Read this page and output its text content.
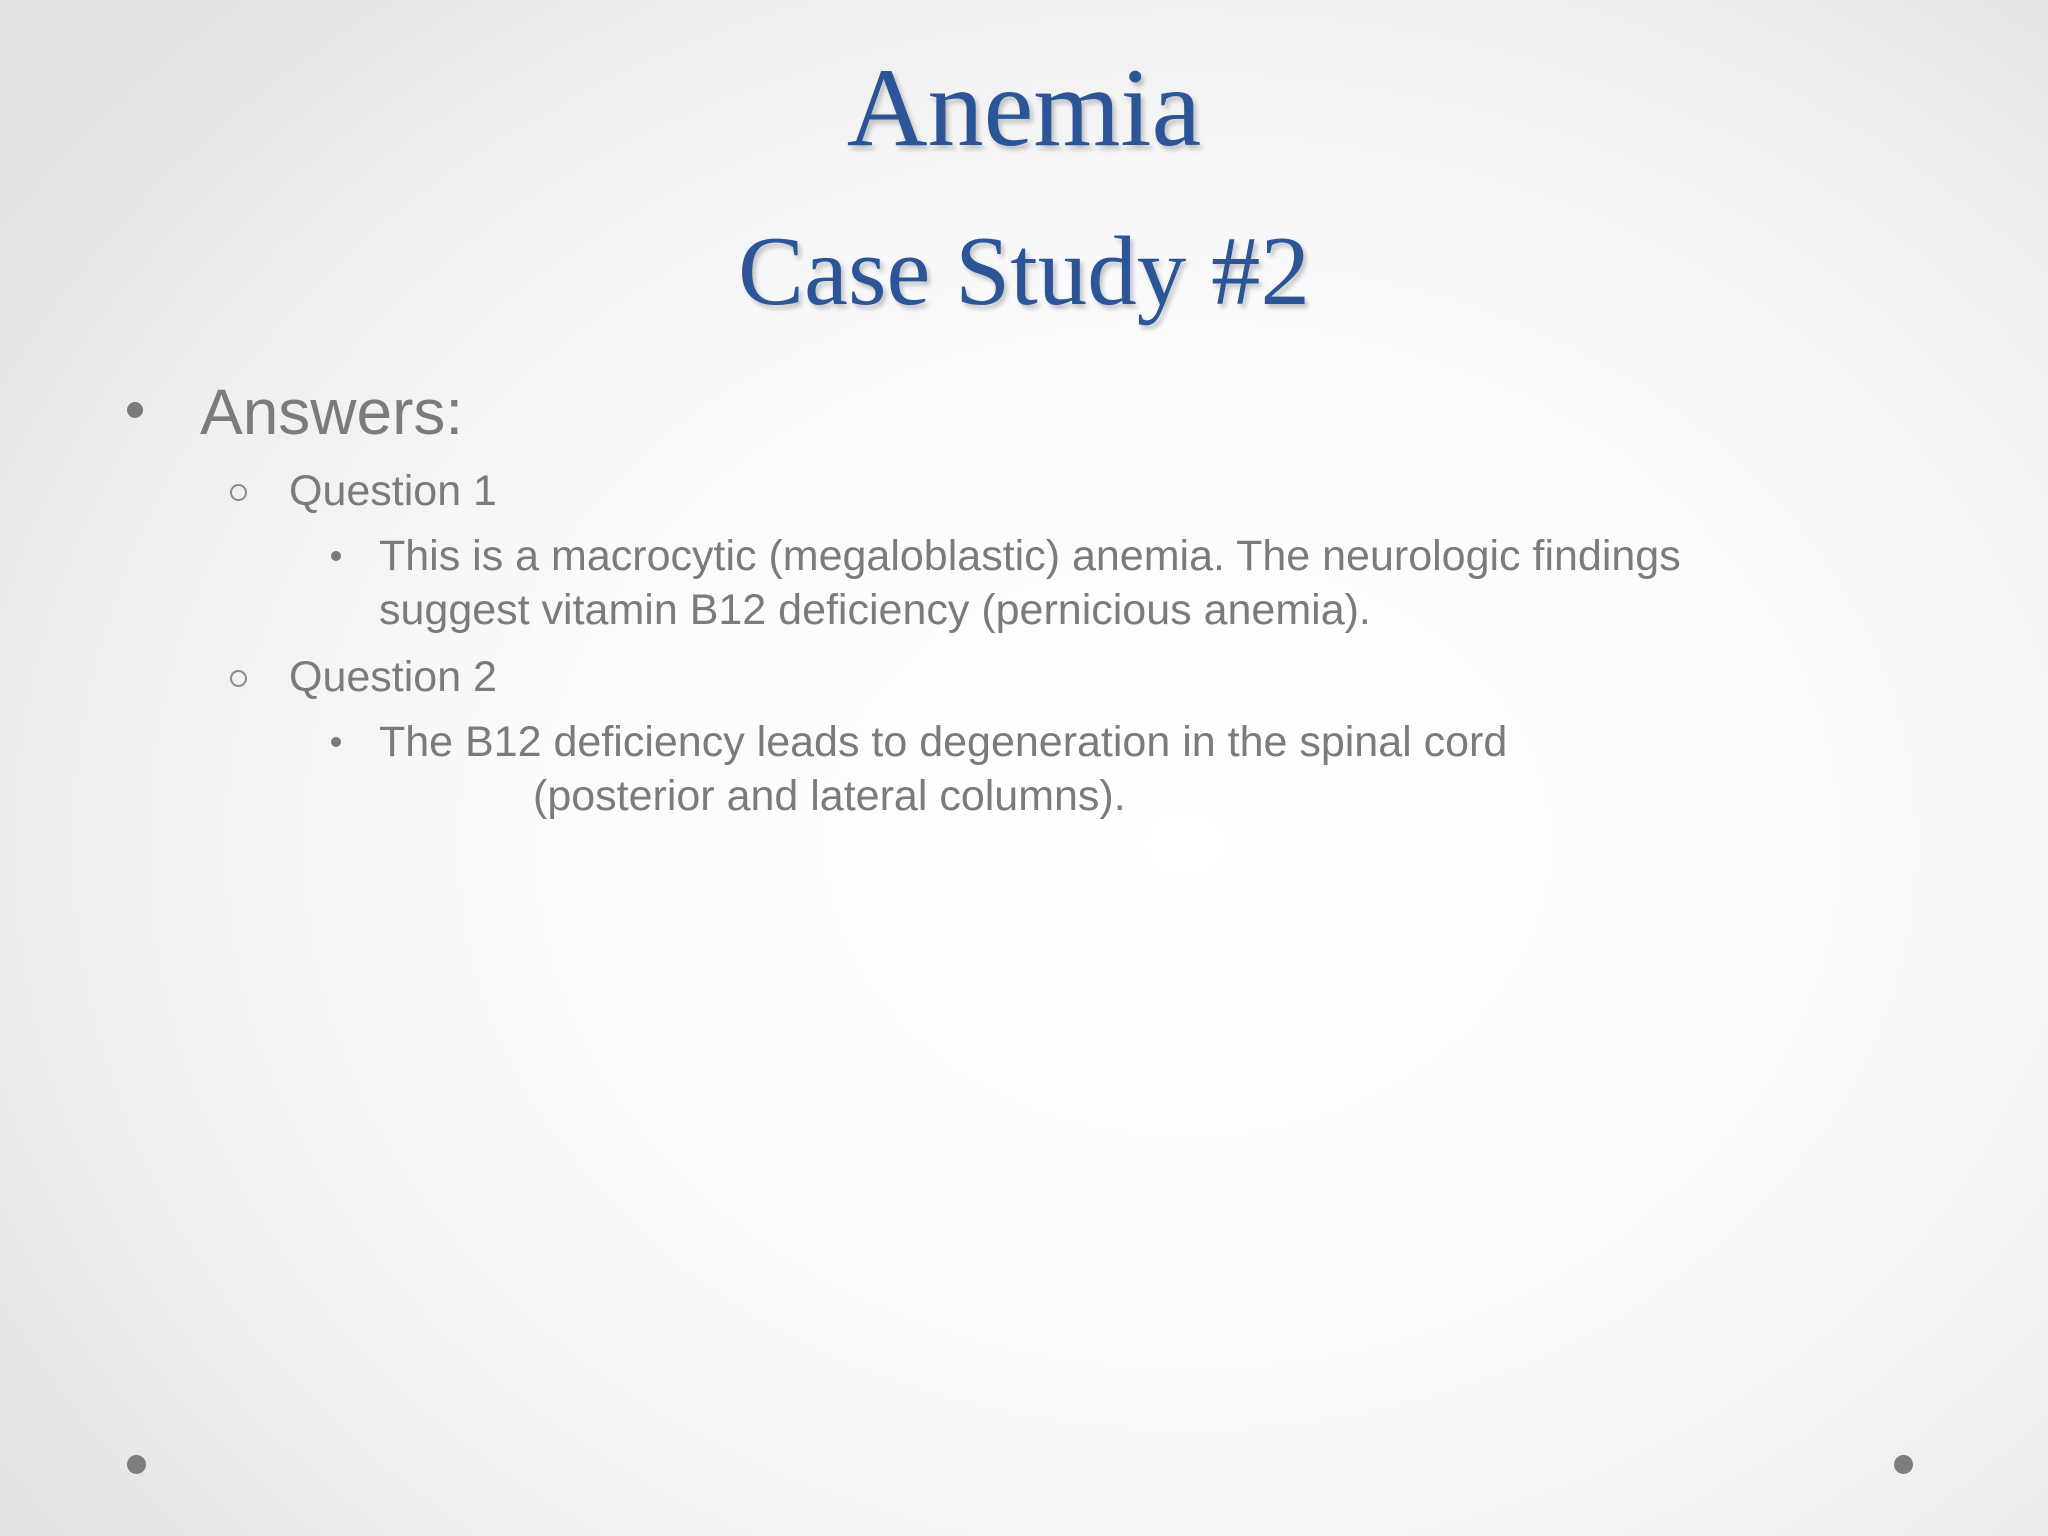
Anemia
Case Study #2
Answers:
Question 1
This is a macrocytic (megaloblastic) anemia. The neurologic findings
suggest vitamin B12 deficiency (pernicious anemia).
Question 2
The B12 deficiency leads to degeneration in the spinal cord
(posterior and lateral columns).
